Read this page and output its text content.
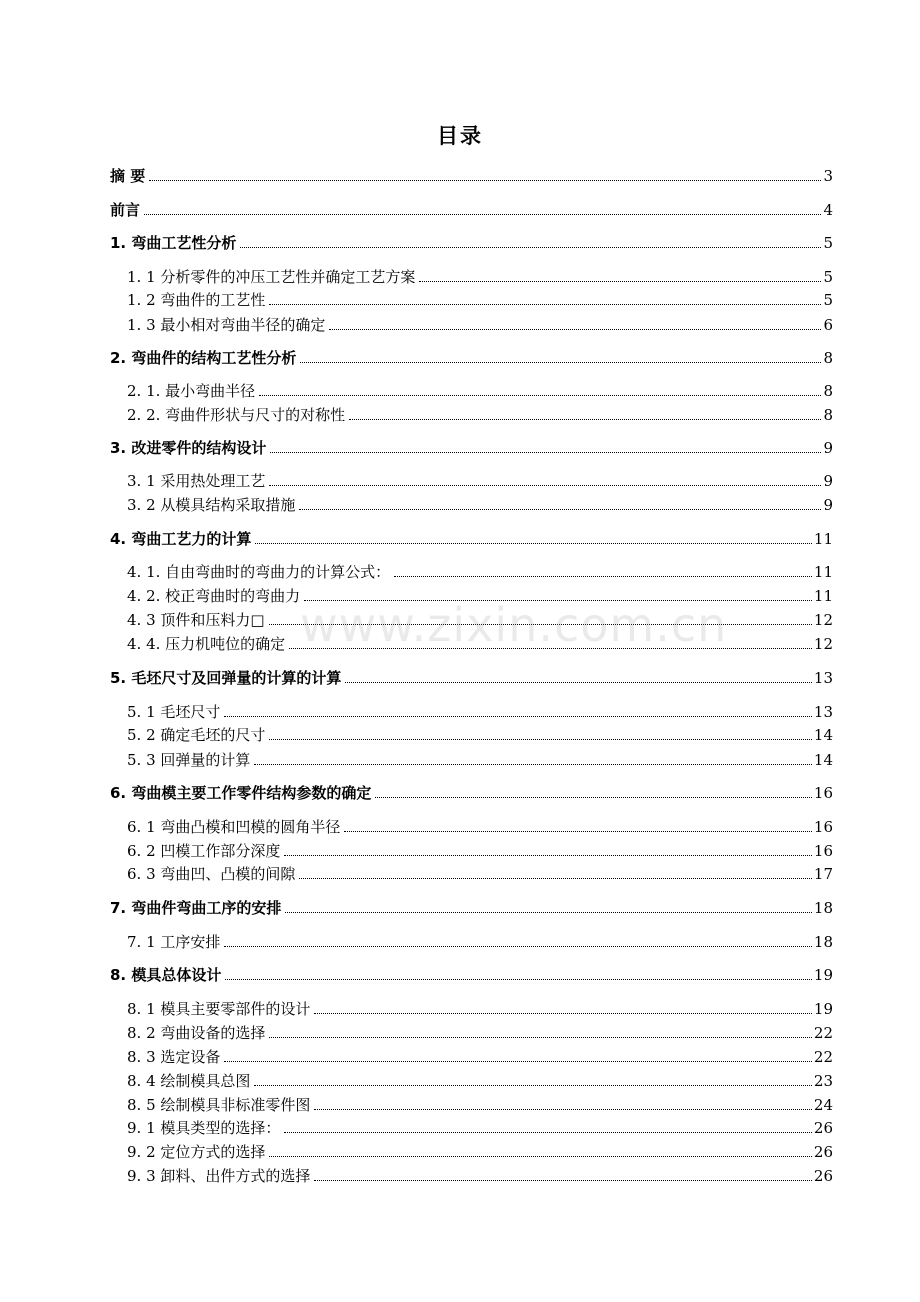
目录
摘 要	3
前言	4
1. 弯曲工艺性分析	5
1. 1 分析零件的冲压工艺性并确定工艺方案	5
1. 2 弯曲件的工艺性	5
1. 3 最小相对弯曲半径的确定	6
2. 弯曲件的结构工艺性分析	8
2. 1. 最小弯曲半径	8
2. 2. 弯曲件形状与尺寸的对称性	8
3. 改进零件的结构设计	9
3. 1 采用热处理工艺	9
3. 2 从模具结构采取措施	9
4. 弯曲工艺力的计算	11
4. 1. 自由弯曲时的弯曲力的计算公式：	11
4. 2. 校正弯曲时的弯曲力	11
4. 3 顶件和压料力□	12
4. 4. 压力机吨位的确定	12
5. 毛坯尺寸及回弹量的计算的计算	13
5. 1 毛坯尺寸	13
5. 2 确定毛坯的尺寸	14
5. 3 回弹量的计算	14
6. 弯曲模主要工作零件结构参数的确定	16
6. 1 弯曲凸模和凹模的圆角半径	16
6. 2 凹模工作部分深度	16
6. 3 弯曲凹、凸模的间隙	17
7. 弯曲件弯曲工序的安排	18
7. 1 工序安排	18
8. 模具总体设计	19
8. 1 模具主要零部件的设计	19
8. 2 弯曲设备的选择	22
8. 3 选定设备	22
8. 4 绘制模具总图	23
8. 5 绘制模具非标准零件图	24
9. 1 模具类型的选择：	26
9. 2 定位方式的选择	26
9. 3 卸料、出件方式的选择	26
www.zixin.com.cn
